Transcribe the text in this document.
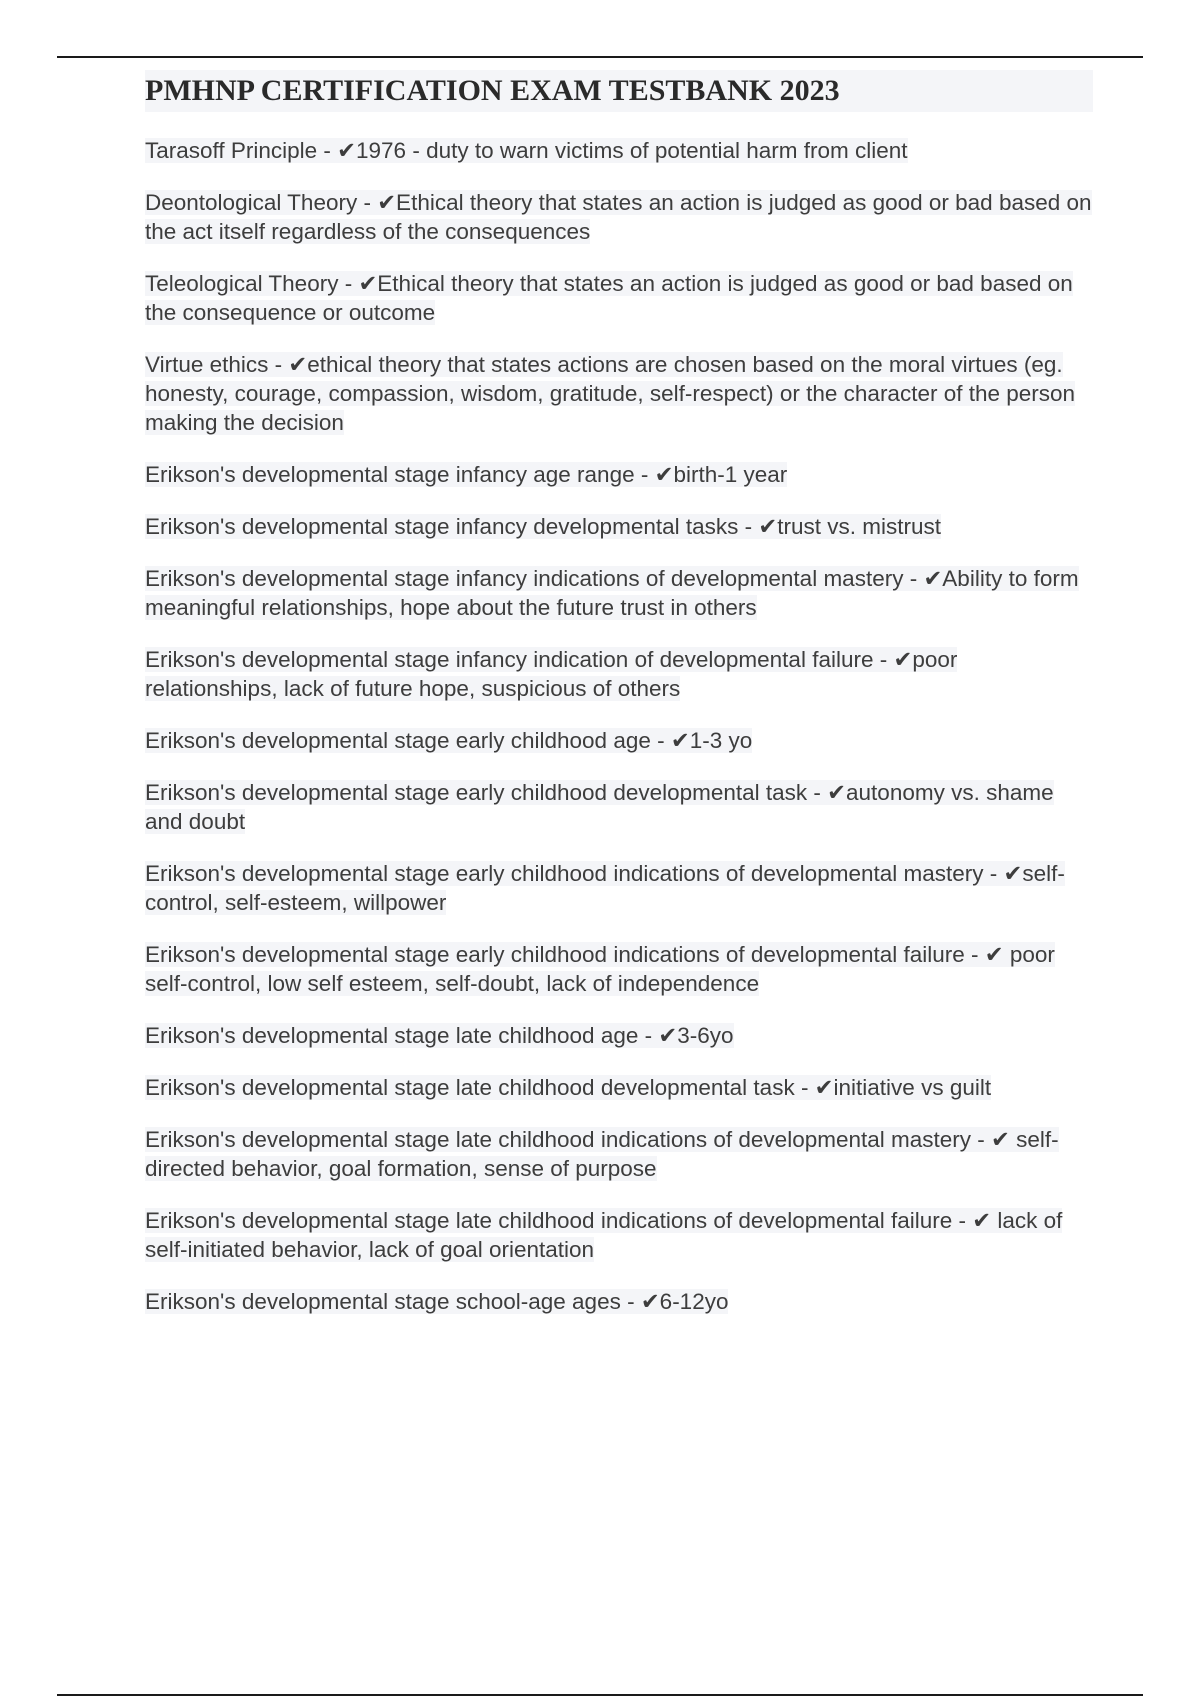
PMHNP CERTIFICATION EXAM TESTBANK 2023
Tarasoff Principle - ✔1976 - duty to warn victims of potential harm from client
Deontological Theory - ✔Ethical theory that states an action is judged as good or bad based on the act itself regardless of the consequences
Teleological Theory - ✔Ethical theory that states an action is judged as good or bad based on the consequence or outcome
Virtue ethics - ✔ethical theory that states actions are chosen based on the moral virtues (eg. honesty, courage, compassion, wisdom, gratitude, self-respect) or the character of the person making the decision
Erikson's developmental stage infancy age range - ✔birth-1 year
Erikson's developmental stage infancy developmental tasks - ✔trust vs. mistrust
Erikson's developmental stage infancy indications of developmental mastery - ✔Ability to form meaningful relationships, hope about the future trust in others
Erikson's developmental stage infancy indication of developmental failure - ✔poor relationships, lack of future hope, suspicious of others
Erikson's developmental stage early childhood age - ✔1-3 yo
Erikson's developmental stage early childhood developmental task - ✔autonomy vs. shame and doubt
Erikson's developmental stage early childhood indications of developmental mastery - ✔self-control, self-esteem, willpower
Erikson's developmental stage early childhood indications of developmental failure - ✔ poor self-control, low self esteem, self-doubt, lack of independence
Erikson's developmental stage late childhood age - ✔3-6yo
Erikson's developmental stage late childhood developmental task - ✔initiative vs guilt
Erikson's developmental stage late childhood indications of developmental mastery - ✔ self-directed behavior, goal formation, sense of purpose
Erikson's developmental stage late childhood indications of developmental failure - ✔ lack of self-initiated behavior, lack of goal orientation
Erikson's developmental stage school-age ages - ✔6-12yo
